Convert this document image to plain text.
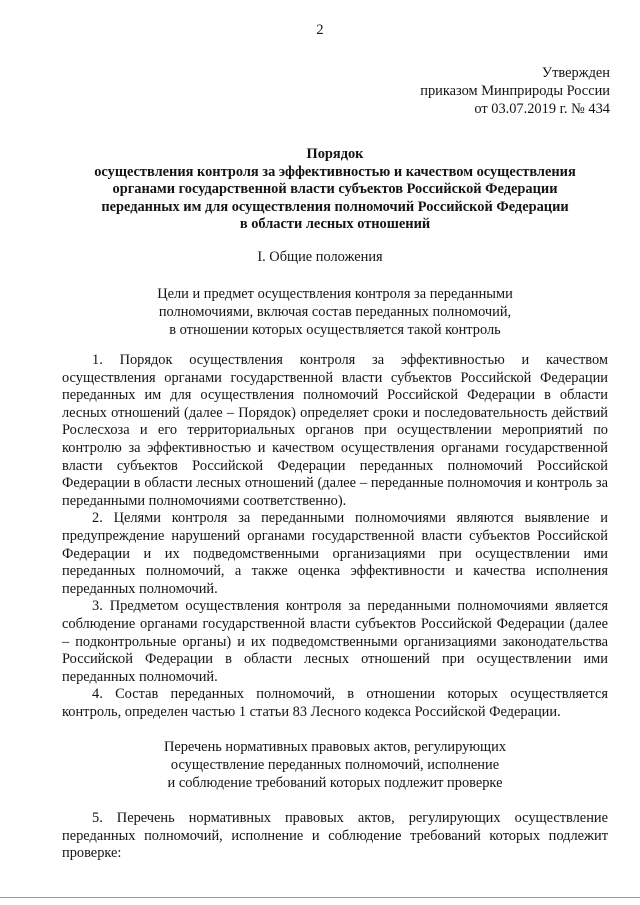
2
Утвержден
приказом Минприроды России
от 03.07.2019 г. № 434
Порядок
осуществления контроля за эффективностью и качеством осуществления
органами государственной власти субъектов Российской Федерации
переданных им для осуществления полномочий Российской Федерации
в области лесных отношений
I. Общие положения
Цели и предмет осуществления контроля за переданными
полномочиями, включая состав переданных полномочий,
в отношении которых осуществляется такой контроль

1. Порядок осуществления контроля за эффективностью и качеством осуществления органами государственной власти субъектов Российской Федерации переданных им для осуществления полномочий Российской Федерации в области лесных отношений (далее – Порядок) определяет сроки и последовательность действий Рослесхоза и его территориальных органов при осуществлении мероприятий по контролю за эффективностью и качеством осуществления органами государственной власти субъектов Российской Федерации переданных полномочий Российской Федерации в области лесных отношений (далее – переданные полномочия и контроль за переданными полномочиями соответственно).

2. Целями контроля за переданными полномочиями являются выявление и предупреждение нарушений органами государственной власти субъектов Российской Федерации и их подведомственными организациями при осуществлении ими переданных полномочий, а также оценка эффективности и качества исполнения переданных полномочий.

3. Предметом осуществления контроля за переданными полномочиями является соблюдение органами государственной власти субъектов Российской Федерации (далее – подконтрольные органы) и их подведомственными организациями законодательства Российской Федерации в области лесных отношений при осуществлении ими переданных полномочий.

4. Состав переданных полномочий, в отношении которых осуществляется контроль, определен частью 1 статьи 83 Лесного кодекса Российской Федерации.

Перечень нормативных правовых актов, регулирующих
осуществление переданных полномочий, исполнение
и соблюдение требований которых подлежит проверке

5. Перечень нормативных правовых актов, регулирующих осуществление переданных полномочий, исполнение и соблюдение требований которых подлежит проверке:
